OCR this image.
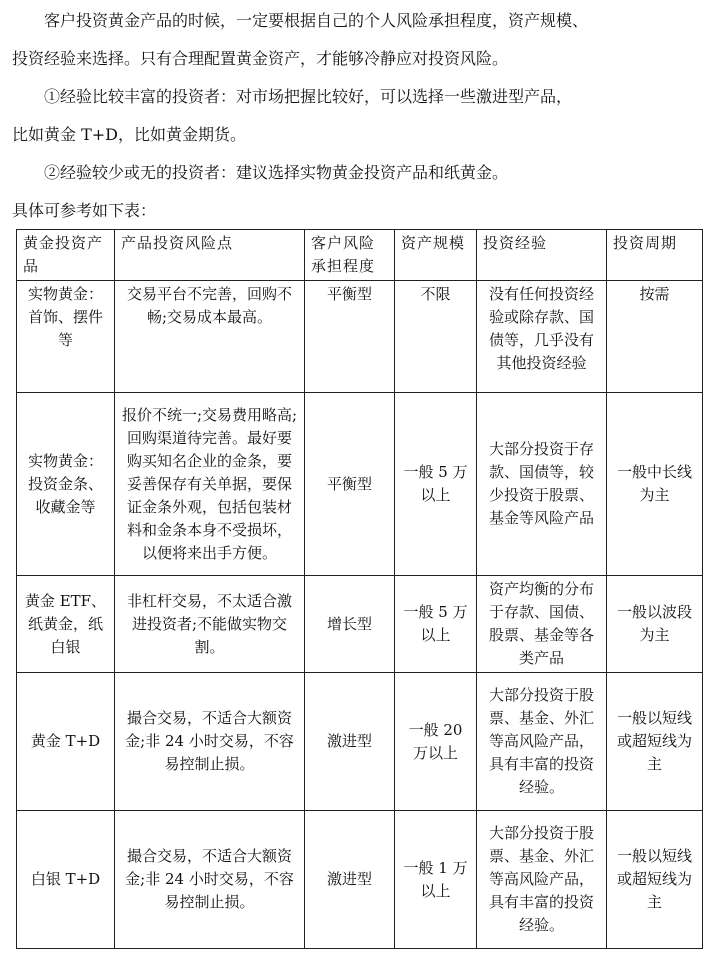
客户投资黄金产品的时候，一定要根据自己的个人风险承担程度，资产规模、
投资经验来选择。只有合理配置黄金资产，才能够冷静应对投资风险。
①经验比较丰富的投资者：对市场把握比较好，可以选择一些激进型产品，
比如黄金 T+D，比如黄金期货。
②经验较少或无的投资者：建议选择实物黄金投资产品和纸黄金。
具体可参考如下表：
黄金投资产品	产品投资风险点	客户风险承担程度	资产规模	投资经验	投资周期
实物黄金：首饰、摆件等	交易平台不完善，回购不畅;交易成本最高。	平衡型	不限	没有任何投资经验或除存款、国债等，几乎没有其他投资经验	按需
实物黄金：投资金条、收藏金等	报价不统一;交易费用略高;回购渠道待完善。最好要购买知名企业的金条，要妥善保存有关单据，要保证金条外观，包括包装材料和金条本身不受损坏，以便将来出手方便。	平衡型	一般 5 万以上	大部分投资于存款、国债等，较少投资于股票、基金等风险产品	一般中长线为主
黄金 ETF、纸黄金，纸白银	非杠杆交易，不太适合激进投资者;不能做实物交割。	增长型	一般 5 万以上	资产均衡的分布于存款、国债、股票、基金等各类产品	一般以波段为主
黄金 T+D	撮合交易，不适合大额资金;非 24 小时交易，不容易控制止损。	激进型	一般 20 万以上	大部分投资于股票、基金、外汇等高风险产品，具有丰富的投资经验。	一般以短线或超短线为主
白银 T+D	撮合交易，不适合大额资金;非 24 小时交易，不容易控制止损。	激进型	一般 1 万以上	大部分投资于股票、基金、外汇等高风险产品，具有丰富的投资经验。	一般以短线或超短线为主
